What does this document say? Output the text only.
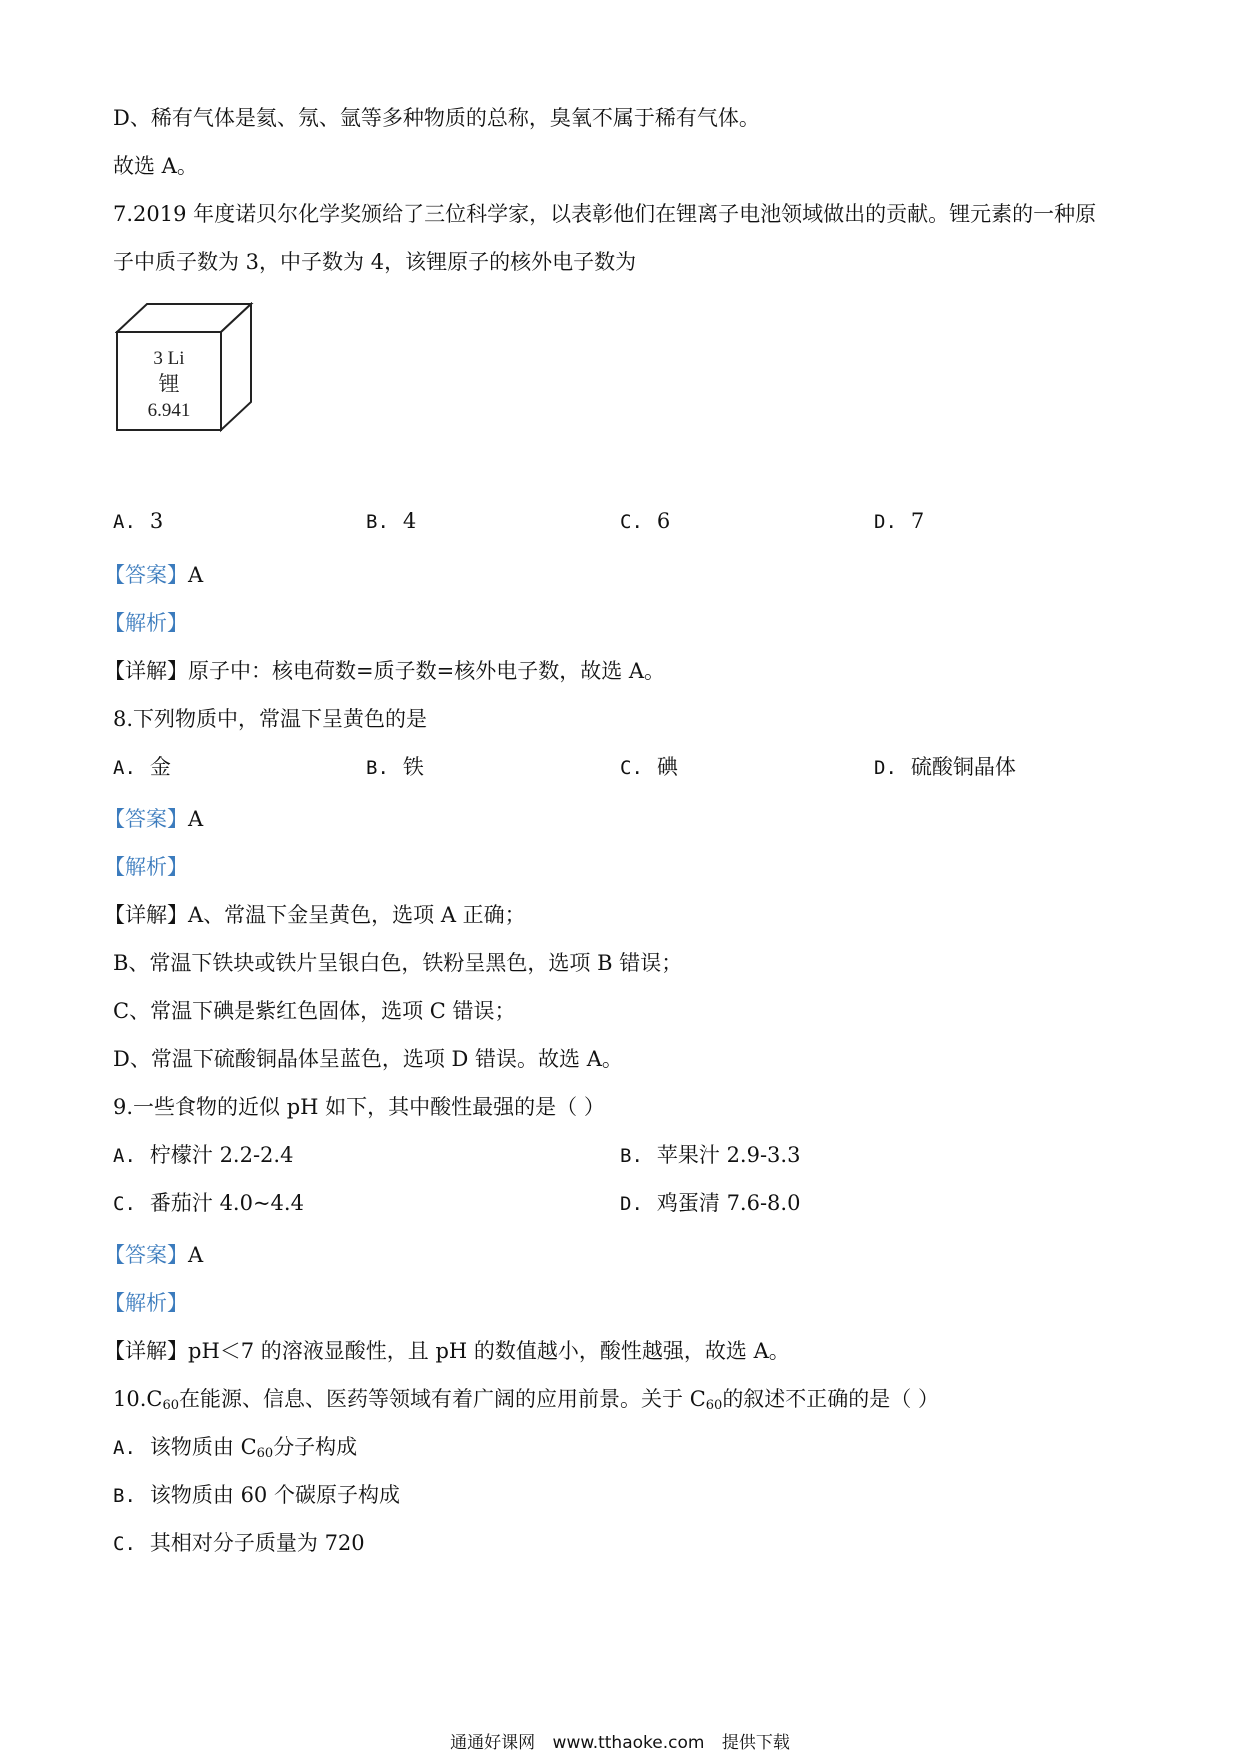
D、稀有气体是氦、氖、氩等多种物质的总称，臭氧不属于稀有气体。
故选 A。
7.2019 年度诺贝尔化学奖颁给了三位科学家，以表彰他们在锂离子电池领域做出的贡献。锂元素的一种原
子中质子数为 3，中子数为 4，该锂原子的核外电子数为
3 Li
锂
6.941
A. 3	B. 4	C. 6	D. 7
【答案】A
【解析】
【详解】原子中：核电荷数=质子数=核外电子数，故选 A。
8.下列物质中，常温下呈黄色的是
A. 金	B. 铁	C. 碘	D. 硫酸铜晶体
【答案】A
【解析】
【详解】A、常温下金呈黄色，选项 A 正确；
B、常温下铁块或铁片呈银白色，铁粉呈黑色，选项 B 错误；
C、常温下碘是紫红色固体，选项 C 错误；
D、常温下硫酸铜晶体呈蓝色，选项 D 错误。故选 A。
9.一些食物的近似 pH 如下，其中酸性最强的是（ ）
A. 柠檬汁 2.2-2.4	B. 苹果汁 2.9-3.3
C. 番茄汁 4.0~4.4	D. 鸡蛋清 7.6-8.0
【答案】A
【解析】
【详解】pH＜7 的溶液显酸性，且 pH 的数值越小，酸性越强，故选 A。
$10.C_{60}$在能源、信息、医药等领域有着广阔的应用前景。关于 $C_{60}$的叙述不正确的是（ ）
A. 该物质由 $C_{60}$分子构成
B. 该物质由 60 个碳原子构成
C. 其相对分子质量为 720
通通好课网 www.tthaoke.com 提供下载
